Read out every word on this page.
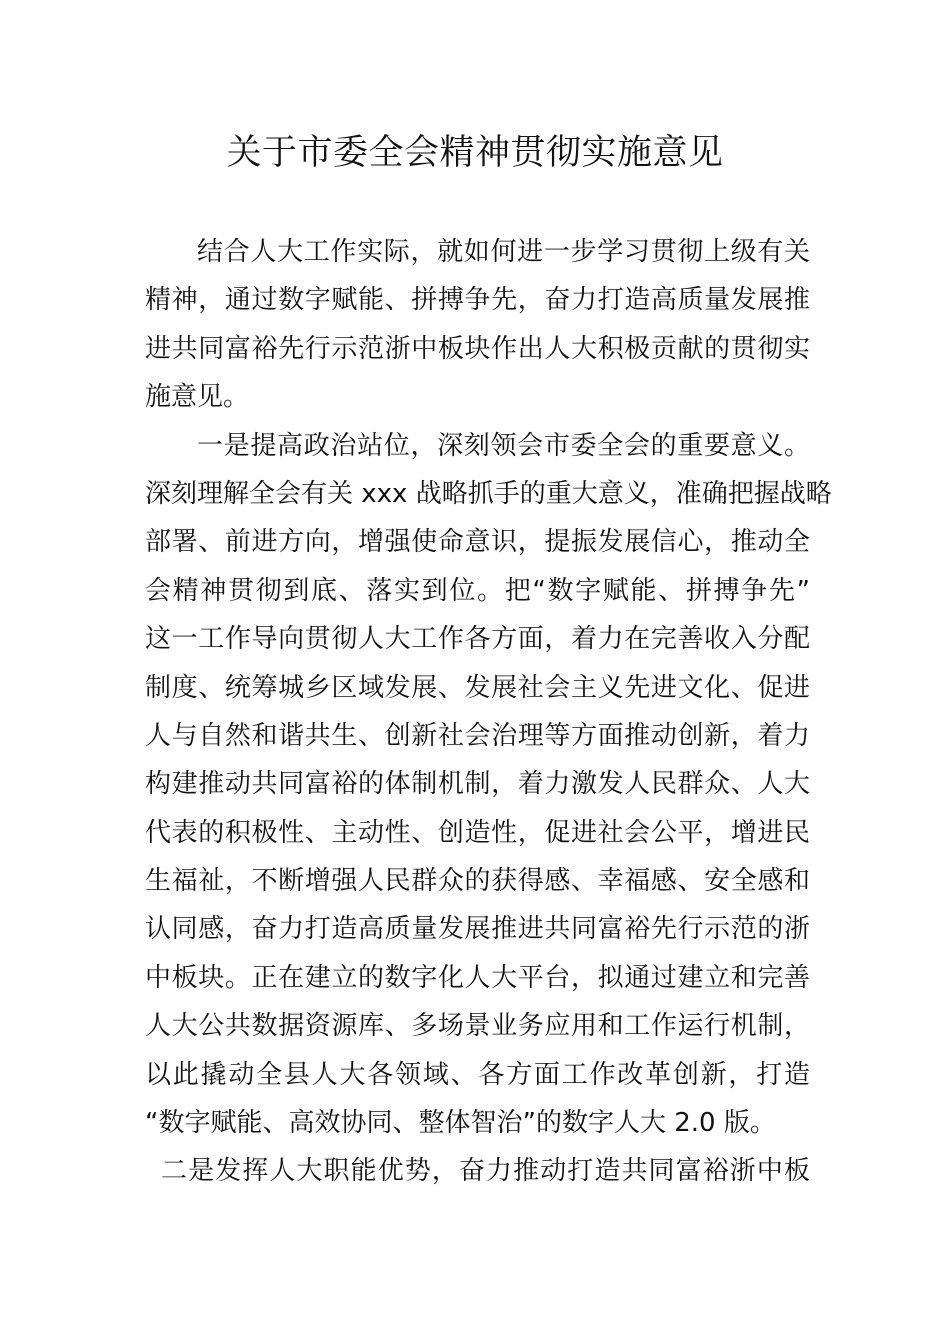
关于市委全会精神贯彻实施意见
结合人大工作实际，就如何进一步学习贯彻上级有关
精神，通过数字赋能、拼搏争先，奋力打造高质量发展推
进共同富裕先行示范浙中板块作出人大积极贡献的贯彻实
施意见。
一是提高政治站位，深刻领会市委全会的重要意义。
深刻理解全会有关 xxx 战略抓手的重大意义，准确把握战略
部署、前进方向，增强使命意识，提振发展信心，推动全
会精神贯彻到底、落实到位。把“数字赋能、拼搏争先”
这一工作导向贯彻人大工作各方面，着力在完善收入分配
制度、统筹城乡区域发展、发展社会主义先进文化、促进
人与自然和谐共生、创新社会治理等方面推动创新，着力
构建推动共同富裕的体制机制，着力激发人民群众、人大
代表的积极性、主动性、创造性，促进社会公平，增进民
生福祉，不断增强人民群众的获得感、幸福感、安全感和
认同感，奋力打造高质量发展推进共同富裕先行示范的浙
中板块。正在建立的数字化人大平台，拟通过建立和完善
人大公共数据资源库、多场景业务应用和工作运行机制，
以此撬动全县人大各领域、各方面工作改革创新，打造
“数字赋能、高效协同、整体智治”的数字人大 2.0 版。
二是发挥人大职能优势，奋力推动打造共同富裕浙中板
